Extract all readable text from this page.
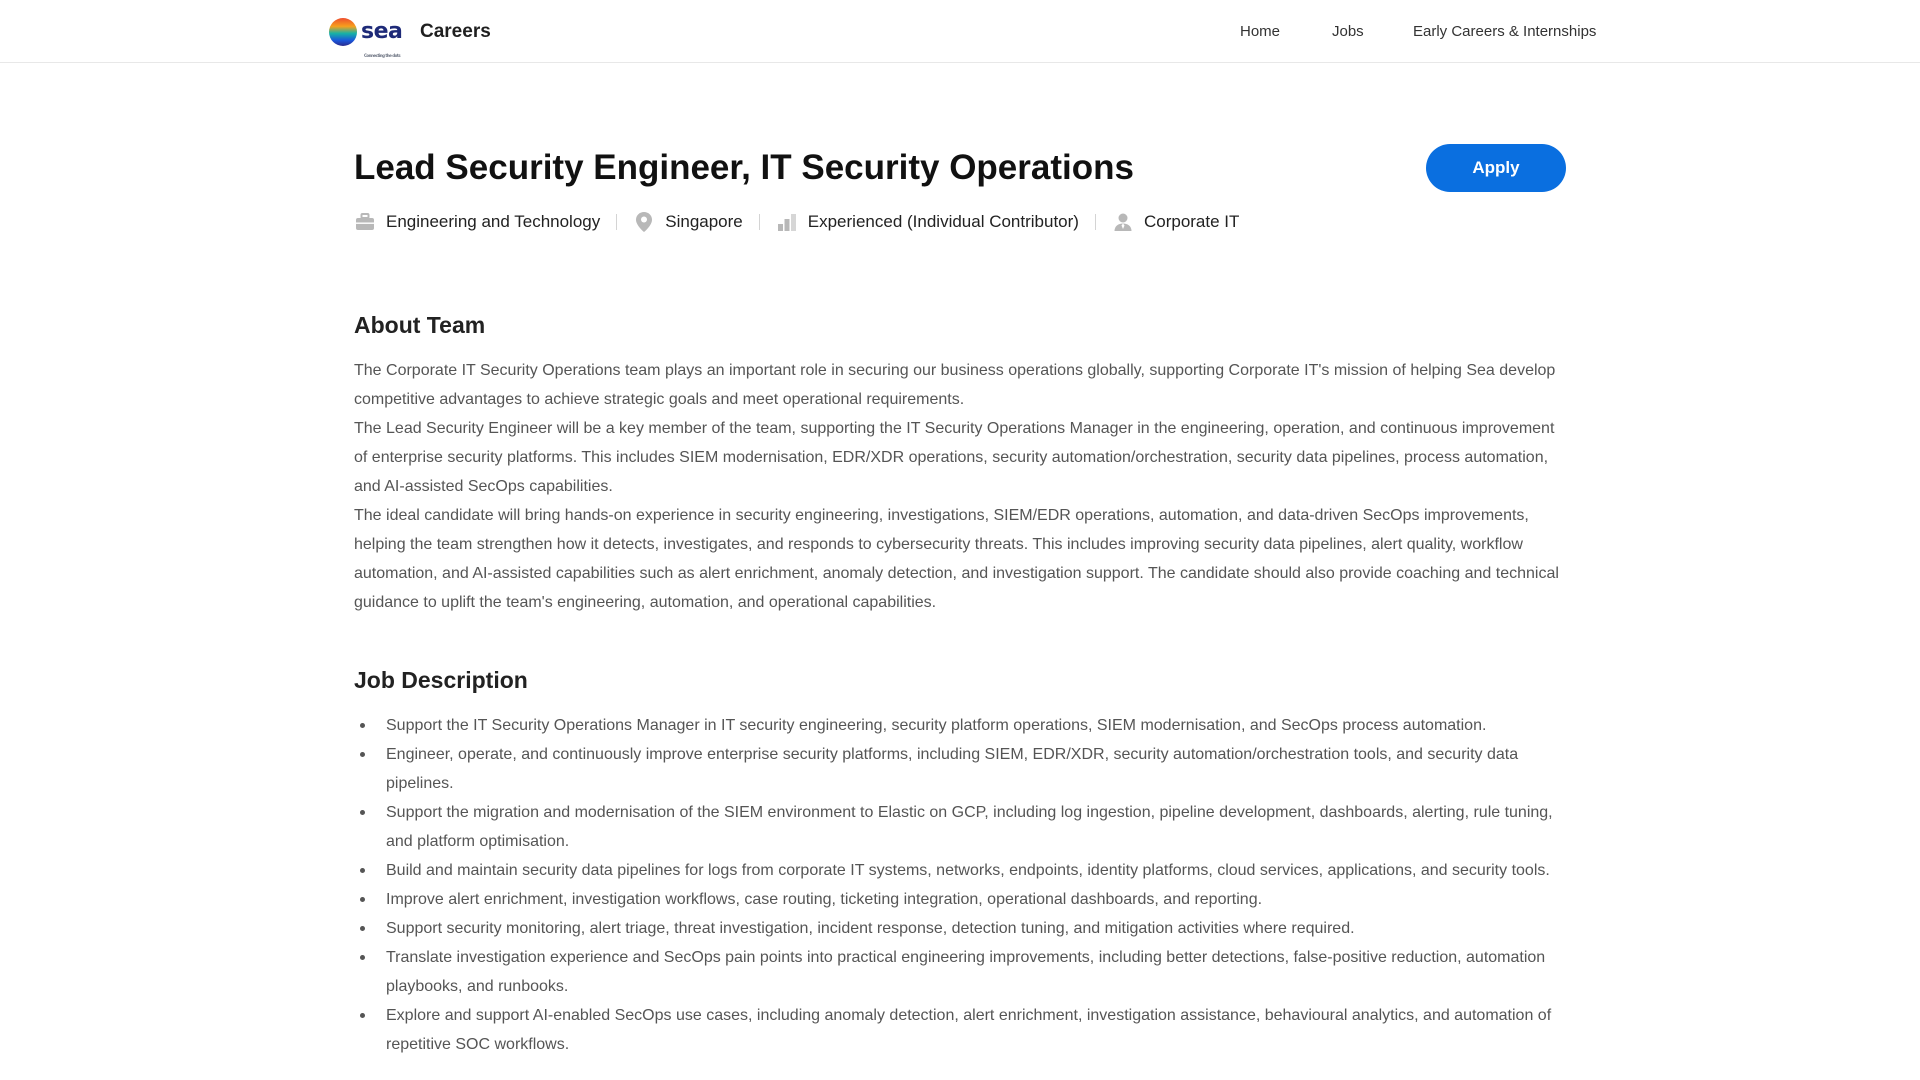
sea
Connecting the dots
Careers	Home	Jobs	Early Careers & Internships
Lead Security Engineer, IT Security Operations	Apply
Engineering and Technology	Singapore	Experienced (Individual Contributor)	Corporate IT
About Team

The Corporate IT Security Operations team plays an important role in securing our business operations globally, supporting Corporate IT's mission of helping Sea develop competitive advantages to achieve strategic goals and meet operational requirements.

The Lead Security Engineer will be a key member of the team, supporting the IT Security Operations Manager in the engineering, operation, and continuous improvement of enterprise security platforms. This includes SIEM modernisation, EDR/XDR operations, security automation/orchestration, security data pipelines, process automation, and AI-assisted SecOps capabilities.

The ideal candidate will bring hands-on experience in security engineering, investigations, SIEM/EDR operations, automation, and data-driven SecOps improvements, helping the team strengthen how it detects, investigates, and responds to cybersecurity threats. This includes improving security data pipelines, alert quality, workflow automation, and AI-assisted capabilities such as alert enrichment, anomaly detection, and investigation support. The candidate should also provide coaching and technical guidance to uplift the team's engineering, automation, and operational capabilities.

Job Description
Support the IT Security Operations Manager in IT security engineering, security platform operations, SIEM modernisation, and SecOps process automation.
Engineer, operate, and continuously improve enterprise security platforms, including SIEM, EDR/XDR, security automation/orchestration tools, and security data pipelines.
Support the migration and modernisation of the SIEM environment to Elastic on GCP, including log ingestion, pipeline development, dashboards, alerting, rule tuning, and platform optimisation.
Build and maintain security data pipelines for logs from corporate IT systems, networks, endpoints, identity platforms, cloud services, applications, and security tools.
Improve alert enrichment, investigation workflows, case routing, ticketing integration, operational dashboards, and reporting.
Support security monitoring, alert triage, threat investigation, incident response, detection tuning, and mitigation activities where required.
Translate investigation experience and SecOps pain points into practical engineering improvements, including better detections, false-positive reduction, automation playbooks, and runbooks.
Explore and support AI-enabled SecOps use cases, including anomaly detection, alert enrichment, investigation assistance, behavioural analytics, and automation of repetitive SOC workflows.
